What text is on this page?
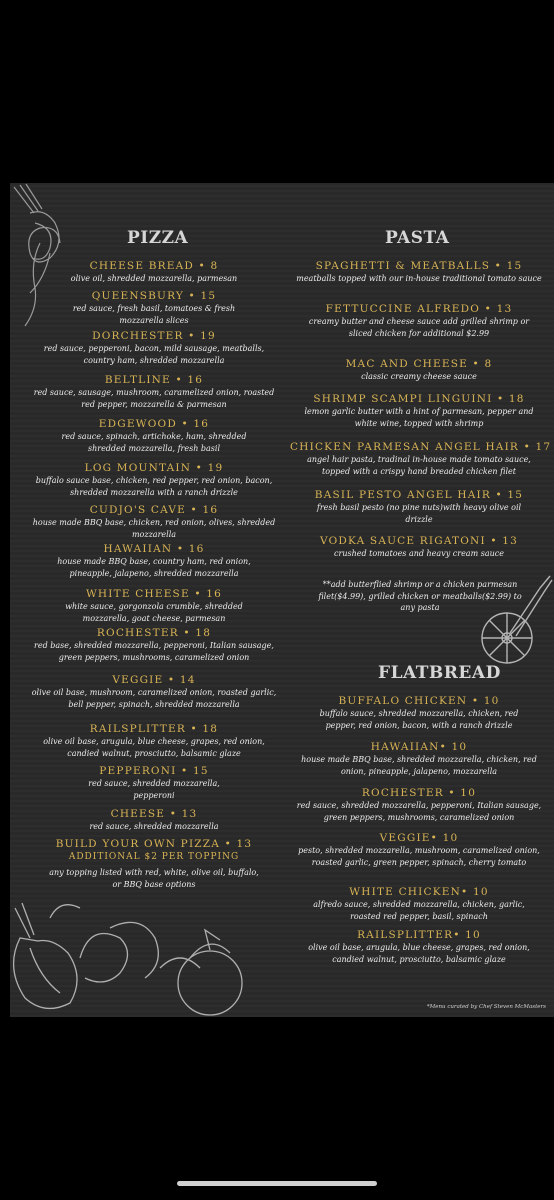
PIZZA
CHEESE BREAD • 8
olive oil, shredded mozzarella, parmesan
QUEENSBURY • 15
red sauce, fresh basil, tomatoes & fresh mozzarella slices
DORCHESTER • 19
red sauce, pepperoni, bacon, mild sausage, meatballs, country ham, shredded mozzarella
BELTLINE • 16
red sauce, sausage, mushroom, caramelized onion, roasted red pepper, mozzarella & parmesan
EDGEWOOD • 16
red sauce, spinach, artichoke, ham, shredded shredded mozzarella, fresh basil
LOG MOUNTAIN • 19
buffalo sauce base, chicken, red pepper, red onion, bacon, shredded mozzarella with a ranch drizzle
CUDJO'S CAVE • 16
house made BBQ base, chicken, red onion, olives, shredded mozzarella
HAWAIIAN • 16
house made BBQ base, country ham, red onion, pineapple, jalapeno, shredded mozzarella
WHITE CHEESE • 16
white sauce, gorgonzola crumble, shredded mozzarella, goat cheese, parmesan
ROCHESTER • 18
red base, shredded mozzarella, pepperoni, Italian sausage, green peppers, mushrooms, caramelized onion
VEGGIE • 14
olive oil base, mushroom, caramelized onion, roasted garlic, bell pepper, spinach, shredded mozzarella
RAILSPLITTER • 18
olive oil base, arugula, blue cheese, grapes, red onion, candied walnut, prosciutto, balsamic glaze
PEPPERONI • 15
red sauce, shredded mozzarella, pepperoni
CHEESE • 13
red sauce, shredded mozzarella
BUILD YOUR OWN PIZZA • 13
ADDITIONAL $2 PER TOPPING
any topping listed with red, white, olive oil, buffalo, or BBQ base options
PASTA
SPAGHETTI & MEATBALLS • 15
meatballs topped with our in-house traditional tomato sauce
FETTUCCINE ALFREDO • 13
creamy butter and cheese sauce add grilled shrimp or sliced chicken for additional $2.99
MAC AND CHEESE • 8
classic creamy cheese sauce
SHRIMP SCAMPI LINGUINI • 18
lemon garlic butter with a hint of parmesan, pepper and white wine, topped with shrimp
CHICKEN PARMESAN ANGEL HAIR • 17
angel hair pasta, tradinal in-house made tomato sauce, topped with a crispy hand breaded chicken filet
BASIL PESTO ANGEL HAIR • 15
fresh basil pesto (no pine nuts)with heavy olive oil drizzle
VODKA SAUCE RIGATONI • 13
crushed tomatoes and heavy cream sauce
**add butterflied shrimp or a chicken parmesan filet($4.99), grilled chicken or meatballs($2.99) to any pasta
FLATBREAD
BUFFALO CHICKEN • 10
buffalo sauce, shredded mozzarella, chicken, red pepper, red onion, bacon, with a ranch drizzle
HAWAIIAN• 10
house made BBQ base, shredded mozzarella, chicken, red onion, pineapple, jalapeno, mozzarella
ROCHESTER • 10
red sauce, shredded mozzarella, pepperoni, Italian sausage, green peppers, mushrooms, caramelized onion
VEGGIE• 10
pesto, shredded mozzarella, mushroom, caramelized onion, roasted garlic, green pepper, spinach, cherry tomato
WHITE CHICKEN• 10
alfredo sauce, shredded mozzarella, chicken, garlic, roasted red pepper, basil, spinach
RAILSPLITTER• 10
olive oil base, arugula, blue cheese, grapes, red onion, candied walnut, prosciutto, balsamic glaze
*Menu curated by Chef Steven McMasters
